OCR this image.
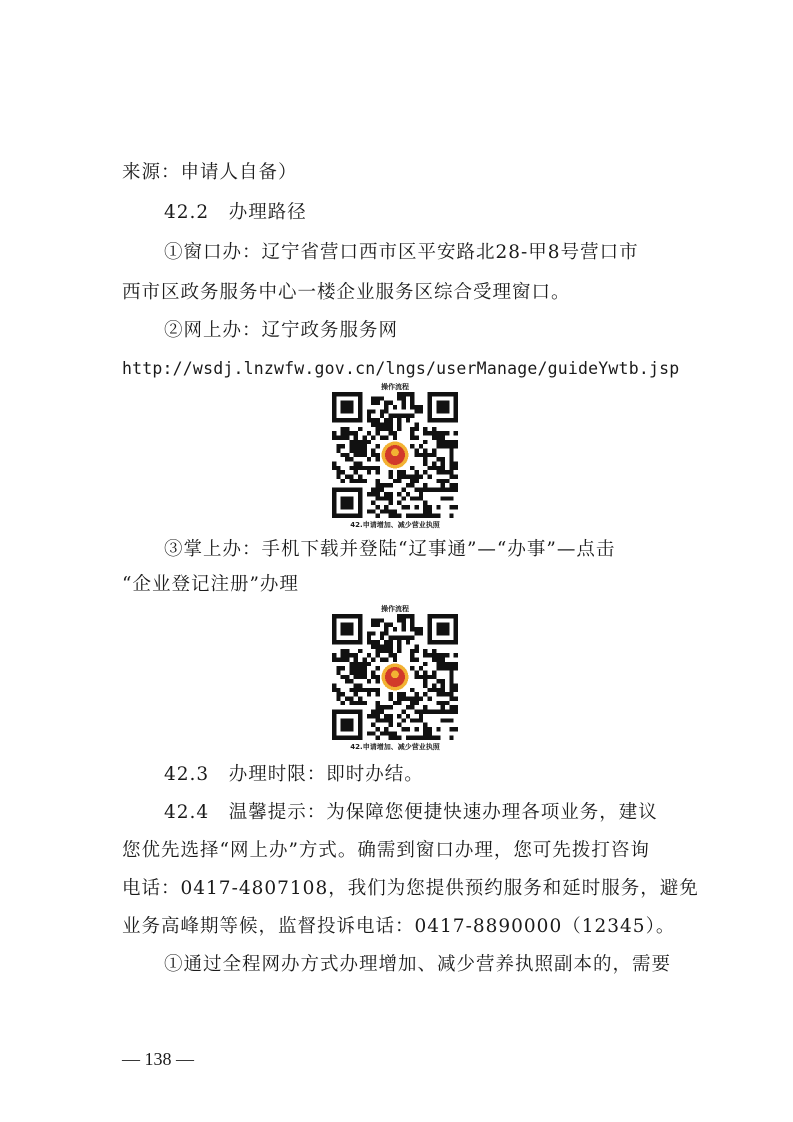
来源：申请人自备）
42.2　办理路径
①窗口办：辽宁省营口西市区平安路北28-甲8号营口市
西市区政务服务中心一楼企业服务区综合受理窗口。
②网上办：辽宁政务服务网
http://wsdj.lnzwfw.gov.cn/lngs/userManage/guideYwtb.jsp
操作流程
42.申请增加、减少营业执照
③掌上办：手机下载并登陆“辽事通”—“办事”—点击
“企业登记注册”办理
操作流程
42.申请增加、减少营业执照
42.3　办理时限：即时办结。
42.4　温馨提示：为保障您便捷快速办理各项业务，建议
您优先选择“网上办”方式。确需到窗口办理，您可先拨打咨询
电话：0417-4807108，我们为您提供预约服务和延时服务，避免
业务高峰期等候，监督投诉电话：0417-8890000（12345）。
①通过全程网办方式办理增加、减少营养执照副本的，需要
— 138 —
